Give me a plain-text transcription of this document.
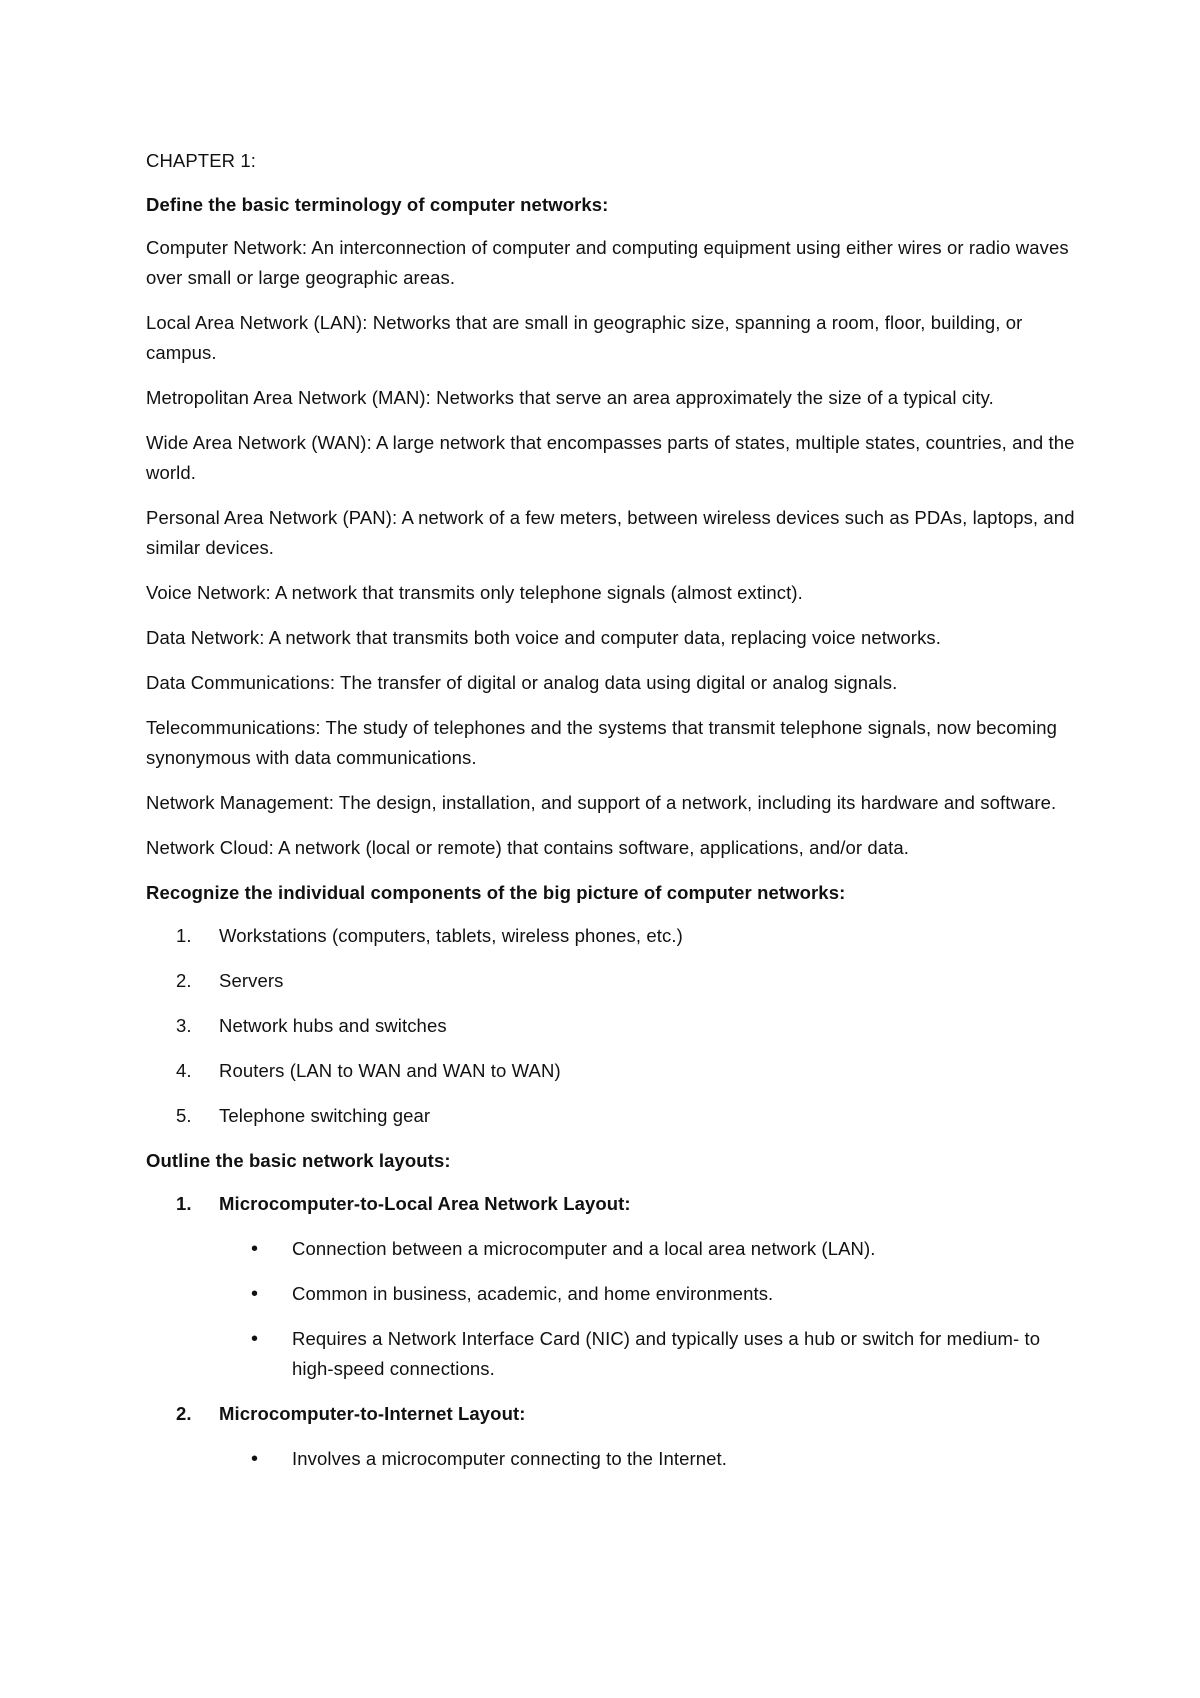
CHAPTER 1:

Define the basic terminology of computer networks:

Computer Network: An interconnection of computer and computing equipment using either wires or radio waves over small or large geographic areas.

Local Area Network (LAN): Networks that are small in geographic size, spanning a room, floor, building, or campus.

Metropolitan Area Network (MAN): Networks that serve an area approximately the size of a typical city.

Wide Area Network (WAN): A large network that encompasses parts of states, multiple states, countries, and the world.

Personal Area Network (PAN): A network of a few meters, between wireless devices such as PDAs, laptops, and similar devices.

Voice Network: A network that transmits only telephone signals (almost extinct).

Data Network: A network that transmits both voice and computer data, replacing voice networks.

Data Communications: The transfer of digital or analog data using digital or analog signals.

Telecommunications: The study of telephones and the systems that transmit telephone signals, now becoming synonymous with data communications.

Network Management: The design, installation, and support of a network, including its hardware and software.

Network Cloud: A network (local or remote) that contains software, applications, and/or data.

Recognize the individual components of the big picture of computer networks:

1. Workstations (computers, tablets, wireless phones, etc.)
2. Servers
3. Network hubs and switches
4. Routers (LAN to WAN and WAN to WAN)
5. Telephone switching gear

Outline the basic network layouts:

1. Microcomputer-to-Local Area Network Layout:
• Connection between a microcomputer and a local area network (LAN).
• Common in business, academic, and home environments.
• Requires a Network Interface Card (NIC) and typically uses a hub or switch for medium- to high-speed connections.
2. Microcomputer-to-Internet Layout:
• Involves a microcomputer connecting to the Internet.
